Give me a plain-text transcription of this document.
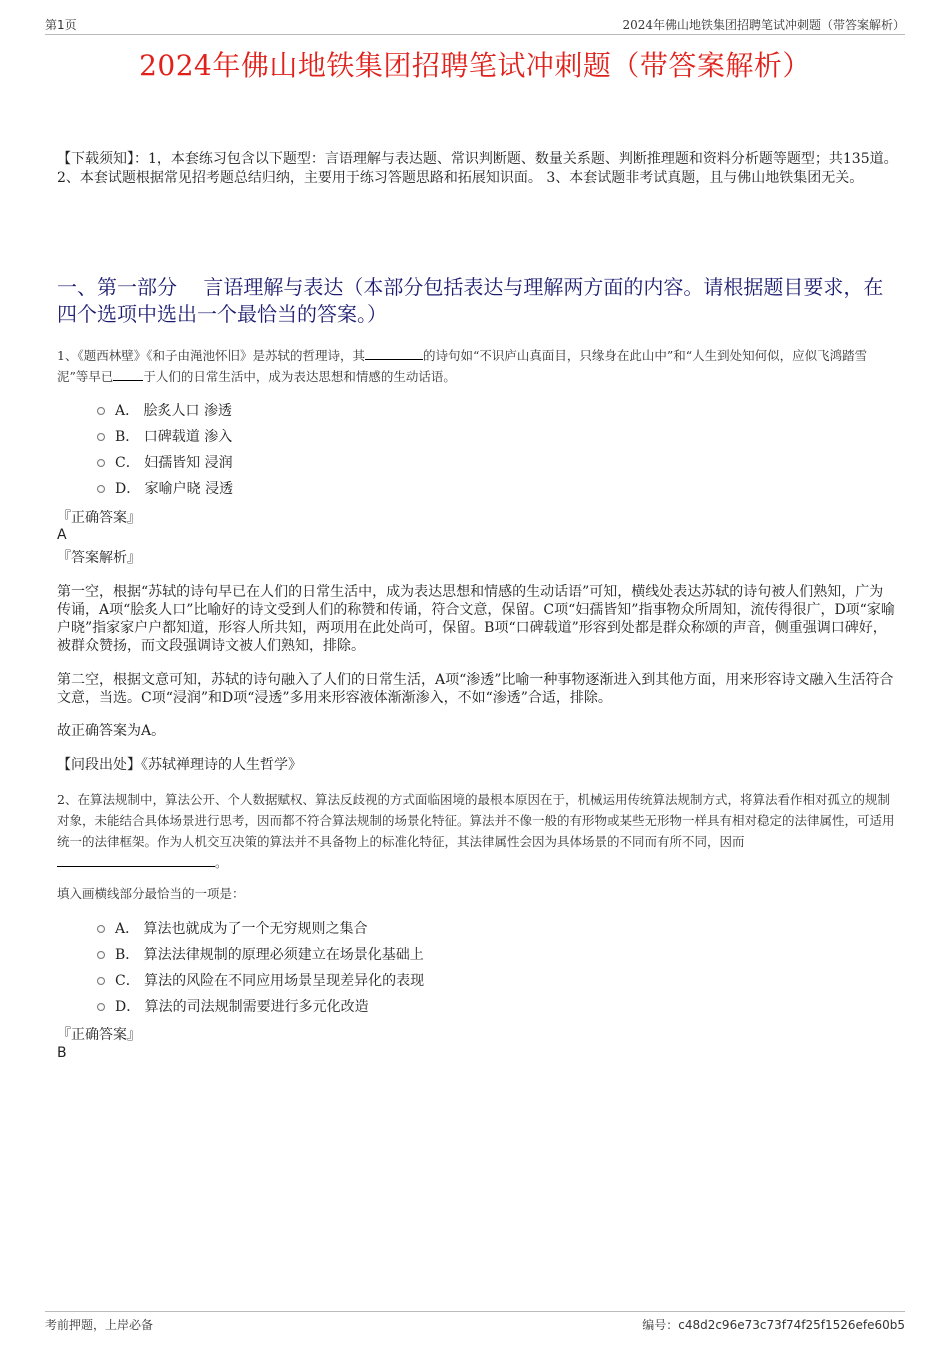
第1页	2024年佛山地铁集团招聘笔试冲刺题（带答案解析）
2024年佛山地铁集团招聘笔试冲刺题（带答案解析）
【下载须知】：1，本套练习包含以下题型：言语理解与表达题、常识判断题、数量关系题、判断推理题和资料分析题等题型；共135道。 2、本套试题根据常见招考题总结归纳，主要用于练习答题思路和拓展知识面。 3、本套试题非考试真题，且与佛山地铁集团无关。
一、第一部分　 言语理解与表达（本部分包括表达与理解两方面的内容。请根据题目要求，在四个选项中选出一个最恰当的答案。）
1、《题西林壁》《和子由渑池怀旧》是苏轼的哲理诗，其	的诗句如“不识庐山真面目，只缘身在此山中”和“人生到处知何似，应似飞鸿踏雪泥”等早已 于人们的日常生活中，成为表达思想和情感的生动话语。
A． 脍炙人口 渗透
B． 口碑载道 渗入
C． 妇孺皆知 浸润
D． 家喻户晓 浸透
『正确答案』
A
『答案解析』
第一空，根据“苏轼的诗句早已在人们的日常生活中，成为表达思想和情感的生动话语”可知，横线处表达苏轼的诗句被人们熟知，广为传诵，A项“脍炙人口”比喻好的诗文受到人们的称赞和传诵，符合文意，保留。C项“妇孺皆知”指事物众所周知，流传得很广，D项“家喻户晓”指家家户户都知道，形容人所共知，两项用在此处尚可，保留。B项“口碑载道”形容到处都是群众称颂的声音，侧重强调口碑好，被群众赞扬，而文段强调诗文被人们熟知，排除。
第二空，根据文意可知，苏轼的诗句融入了人们的日常生活，A项“渗透”比喻一种事物逐渐进入到其他方面，用来形容诗文融入生活符合文意，当选。C项“浸润”和D项“浸透”多用来形容液体渐渐渗入，不如“渗透”合适，排除。
故正确答案为A。
【问段出处】《苏轼禅理诗的人生哲学》
2、在算法规制中，算法公开、个人数据赋权、算法反歧视的方式面临困境的最根本原因在于，机械运用传统算法规制方式，将算法看作相对孤立的规制对象，未能结合具体场景进行思考，因而都不符合算法规制的场景化特征。算法并不像一般的有形物或某些无形物一样具有相对稳定的法律属性，可适用统一的法律框架。作为人机交互决策的算法并不具备物上的标准化特征，其法律属性会因为具体场景的不同而有所不同，因而。
填入画横线部分最恰当的一项是：
A． 算法也就成为了一个无穷规则之集合
B． 算法法律规制的原理必须建立在场景化基础上
C． 算法的风险在不同应用场景呈现差异化的表现
D． 算法的司法规制需要进行多元化改造
『正确答案』
B
考前押题，上岸必备	编号：c48d2c96e73c73f74f25f1526efe60b5
